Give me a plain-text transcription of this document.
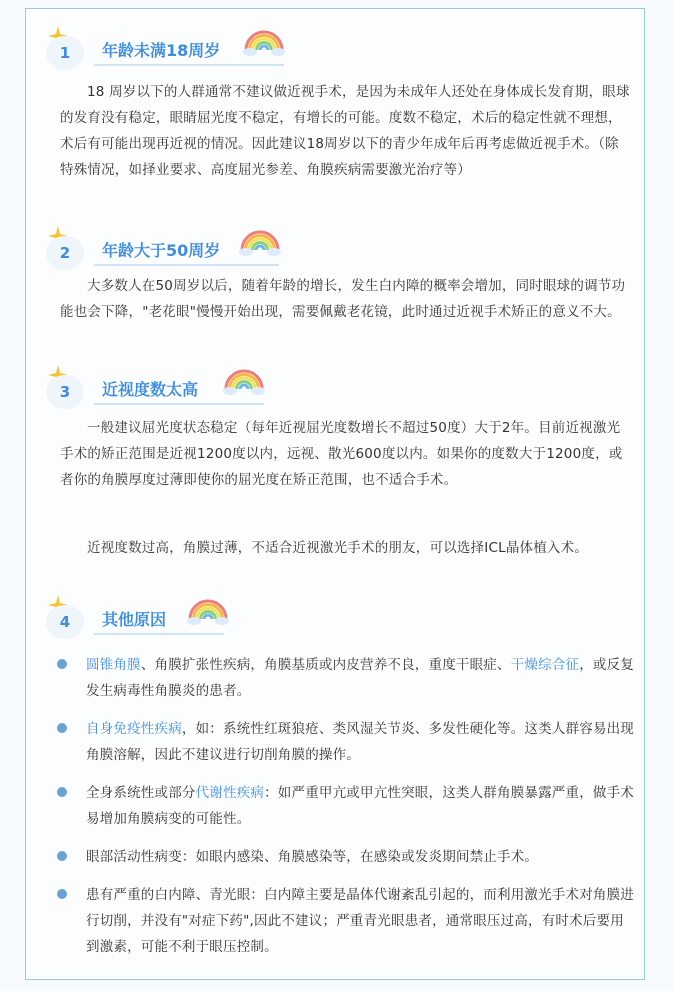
1	年龄未满18周岁
18 周岁以下的人群通常不建议做近视手术，是因为未成年人还处在身体成长发育期，眼球的发育没有稳定，眼睛屈光度不稳定，有增长的可能。度数不稳定，术后的稳定性就不理想，术后有可能出现再近视的情况。因此建议18周岁以下的青少年成年后再考虑做近视手术。（除特殊情况，如择业要求、高度屈光参差、角膜疾病需要激光治疗等）
2	年龄大于50周岁
大多数人在50周岁以后，随着年龄的增长，发生白内障的概率会增加，同时眼球的调节功能也会下降，"老花眼"慢慢开始出现，需要佩戴老花镜，此时通过近视手术矫正的意义不大。
3	近视度数太高
一般建议屈光度状态稳定（每年近视屈光度数增长不超过50度）大于2年。目前近视激光手术的矫正范围是近视1200度以内，远视、散光600度以内。如果你的度数大于1200度，或者你的角膜厚度过薄即使你的屈光度在矫正范围，也不适合手术。
近视度数过高，角膜过薄，不适合近视激光手术的朋友，可以选择ICL晶体植入术。
4	其他原因
圆锥角膜、角膜扩张性疾病，角膜基质或内皮营养不良，重度干眼症、干燥综合征，或反复发生病毒性角膜炎的患者。
自身免疫性疾病，如：系统性红斑狼疮、类风湿关节炎、多发性硬化等。这类人群容易出现角膜溶解，因此不建议进行切削角膜的操作。
全身系统性或部分代谢性疾病：如严重甲亢或甲亢性突眼，这类人群角膜暴露严重，做手术易增加角膜病变的可能性。
眼部活动性病变：如眼内感染、角膜感染等，在感染或发炎期间禁止手术。
患有严重的白内障、青光眼：白内障主要是晶体代谢紊乱引起的，而利用激光手术对角膜进行切削，并没有"对症下药",因此不建议；严重青光眼患者，通常眼压过高，有时术后要用到激素，可能不利于眼压控制。
